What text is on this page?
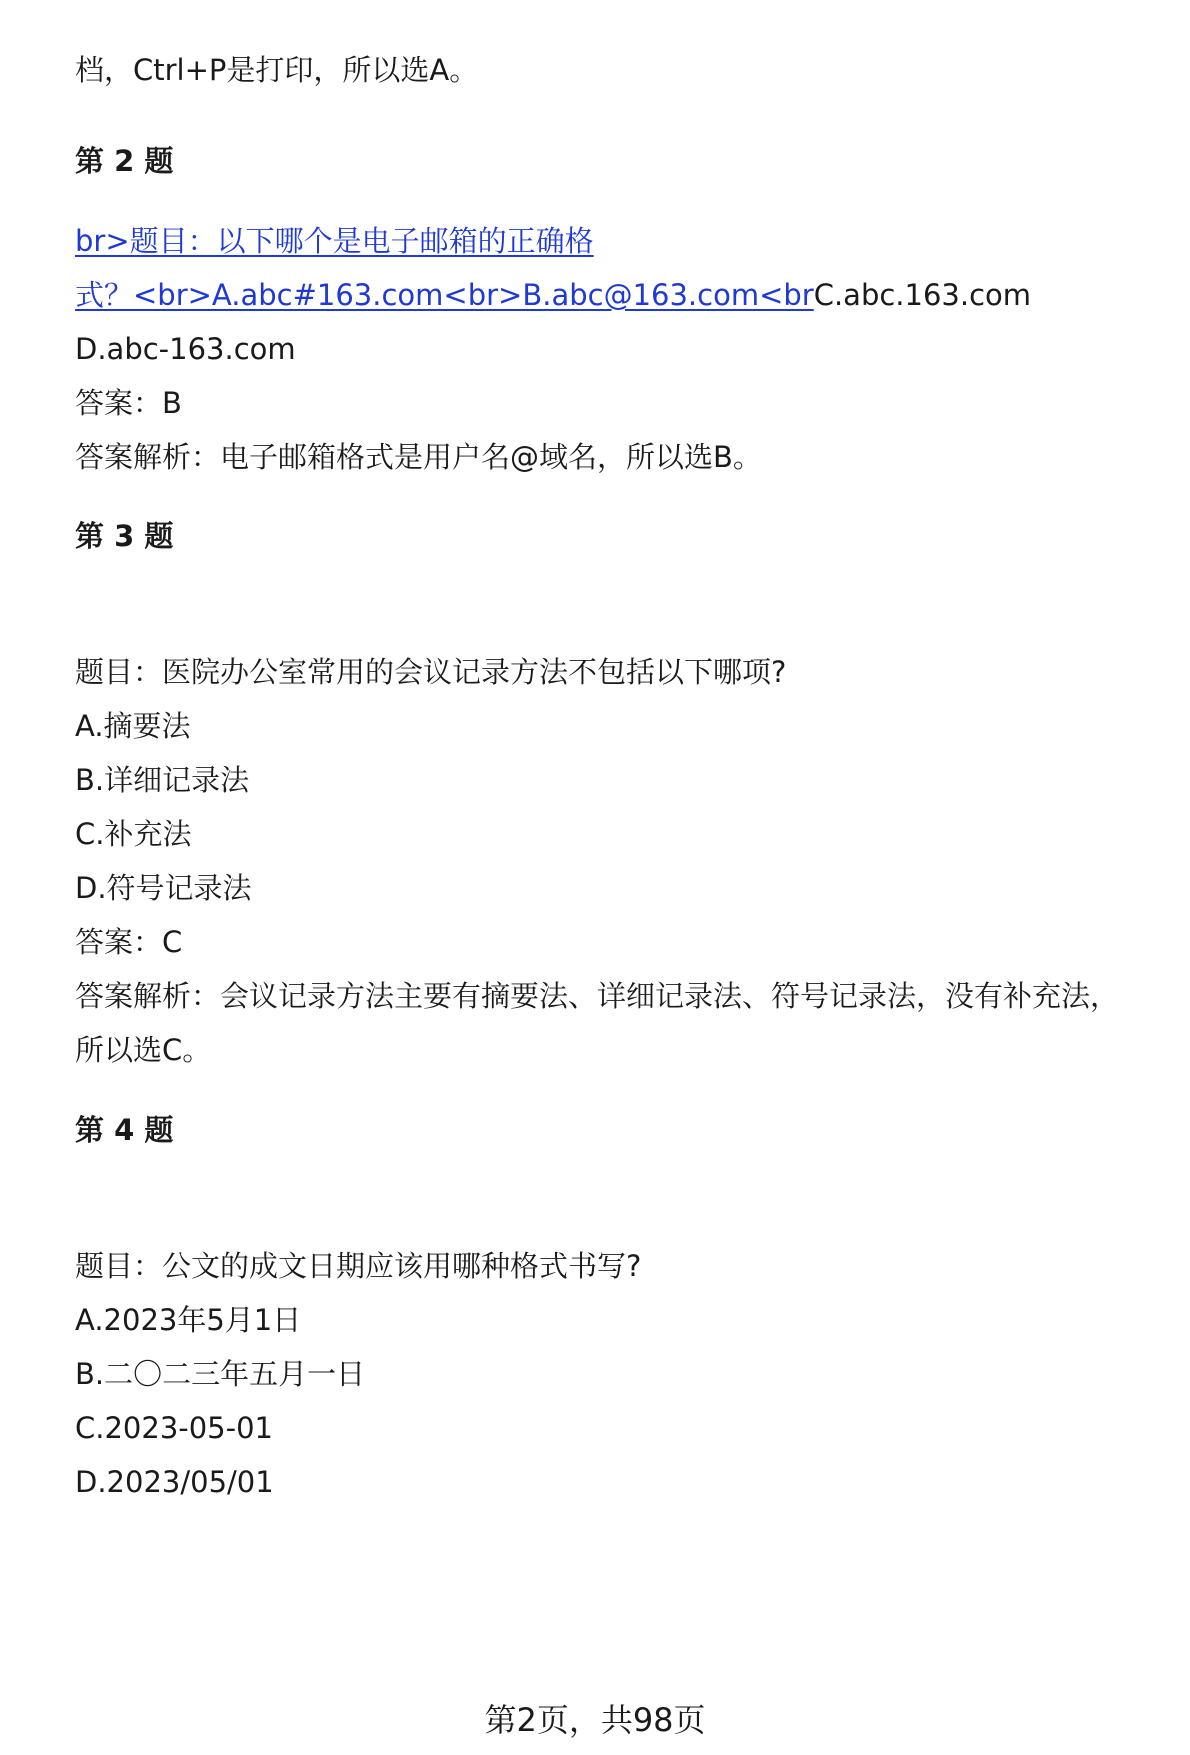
档，Ctrl+P是打印，所以选A。
第 2 题
br>题目：以下哪个是电子邮箱的正确格
式？<br>A.abc#163.com<br>B.abc@163.com<brC.abc.163.com
D.abc-163.com
答案：B
答案解析：电子邮箱格式是用户名@域名，所以选B。
第 3 题
题目：医院办公室常用的会议记录方法不包括以下哪项?
A.摘要法
B.详细记录法
C.补充法
D.符号记录法
答案：C
答案解析：会议记录方法主要有摘要法、详细记录法、符号记录法，没有补充法，
所以选C。
第 4 题
题目：公文的成文日期应该用哪种格式书写?
A.2023年5月1日
B.二〇二三年五月一日
C.2023-05-01
D.2023/05/01
第2页，共98页
